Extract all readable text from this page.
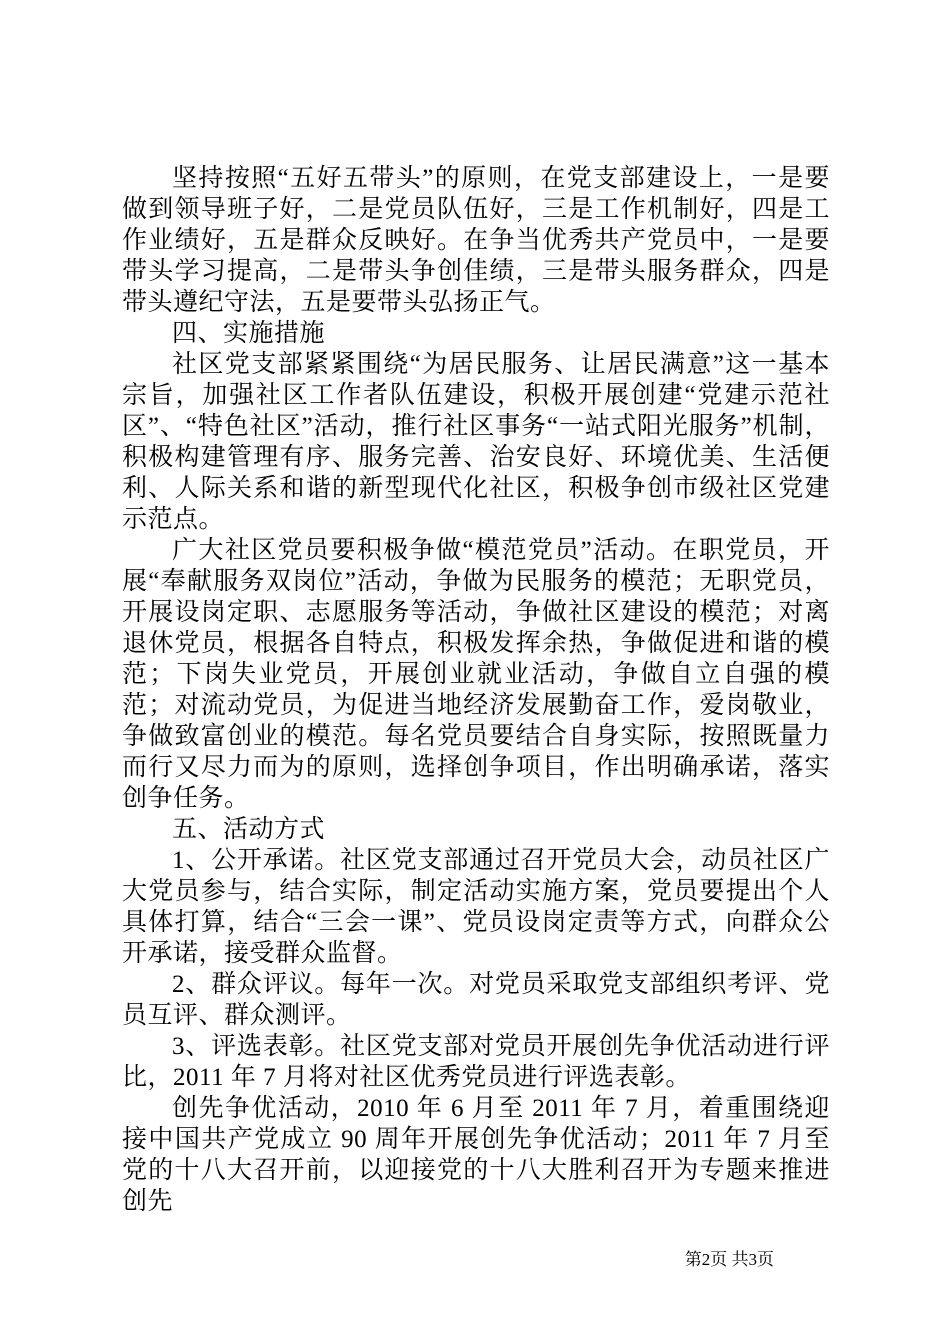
坚持按照“五好五带头”的原则，在党支部建设上，一是要做到领导班子好，二是党员队伍好，三是工作机制好，四是工作业绩好，五是群众反映好。在争当优秀共产党员中，一是要带头学习提高，二是带头争创佳绩，三是带头服务群众，四是带头遵纪守法，五是要带头弘扬正气。

四、实施措施

社区党支部紧紧围绕“为居民服务、让居民满意”这一基本宗旨，加强社区工作者队伍建设，积极开展创建“党建示范社区”、“特色社区”活动，推行社区事务“一站式阳光服务”机制，积极构建管理有序、服务完善、治安良好、环境优美、生活便利、人际关系和谐的新型现代化社区，积极争创市级社区党建示范点。

广大社区党员要积极争做“模范党员”活动。在职党员，开展“奉献服务双岗位”活动，争做为民服务的模范；无职党员，开展设岗定职、志愿服务等活动，争做社区建设的模范；对离退休党员，根据各自特点，积极发挥余热，争做促进和谐的模范；下岗失业党员，开展创业就业活动，争做自立自强的模范；对流动党员，为促进当地经济发展勤奋工作，爱岗敬业，争做致富创业的模范。每名党员要结合自身实际，按照既量力而行又尽力而为的原则，选择创争项目，作出明确承诺，落实创争任务。

五、活动方式

1、公开承诺。社区党支部通过召开党员大会，动员社区广大党员参与，结合实际，制定活动实施方案，党员要提出个人具体打算，结合“三会一课”、党员设岗定责等方式，向群众公开承诺，接受群众监督。

2、群众评议。每年一次。对党员采取党支部组织考评、党员互评、群众测评。

3、评选表彰。社区党支部对党员开展创先争优活动进行评比，2011 年 7 月将对社区优秀党员进行评选表彰。

创先争优活动，2010 年 6 月至 2011 年 7 月，着重围绕迎接中国共产党成立 90 周年开展创先争优活动；2011 年 7 月至党的十八大召开前，以迎接党的十八大胜利召开为专题来推进创先

第2页 共3页
